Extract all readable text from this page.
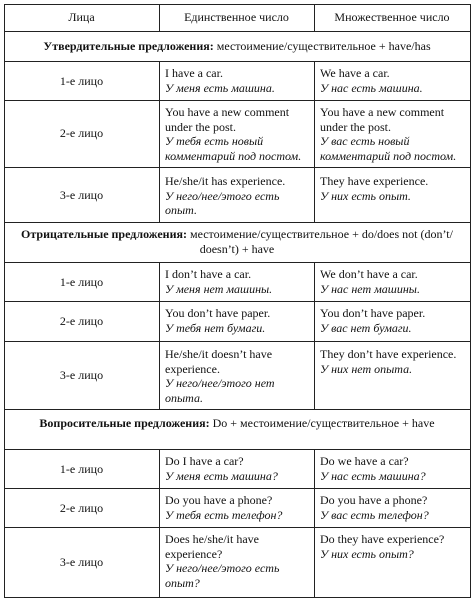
Лица	Единственное число	Множественное число
Утвердительные предложения: местоимение/существительное + have/has
1-е лицо
I have a car.
У меня есть машина.
We have a car.
У нас есть машина.
2-е лицо
You have a new comment under the post.
У тебя есть новый комментарий под постом.
You have a new comment under the post.
У вас есть новый комментарий под постом.
3-е лицо
He/she/it has experience.
У него/нее/этого есть опыт.
They have experience.
У них есть опыт.
Отрицательные предложения: местоимение/существительное + do/does not (don’t/ doesn’t) + have
1-е лицо
I don’t have a car.
У меня нет машины.
We don’t have a car.
У нас нет машины.
2-е лицо
You don’t have paper.
У тебя нет бумаги.
You don’t have paper.
У вас нет бумаги.
3-е лицо
He/she/it doesn’t have experience.
У него/нее/этого нет опыта.
They don’t have experience.
У них нет опыта.
Вопросительные предложения: Do + местоимение/существительное + have
1-е лицо
Do I have a car?
У меня есть машина?
Do we have a car?
У нас есть машина?
2-е лицо
Do you have a phone?
У тебя есть телефон?
Do you have a phone?
У вас есть телефон?
3-е лицо
Does he/she/it have experience?
У него/нее/этого есть опыт?
Do they have experience?
У них есть опыт?
